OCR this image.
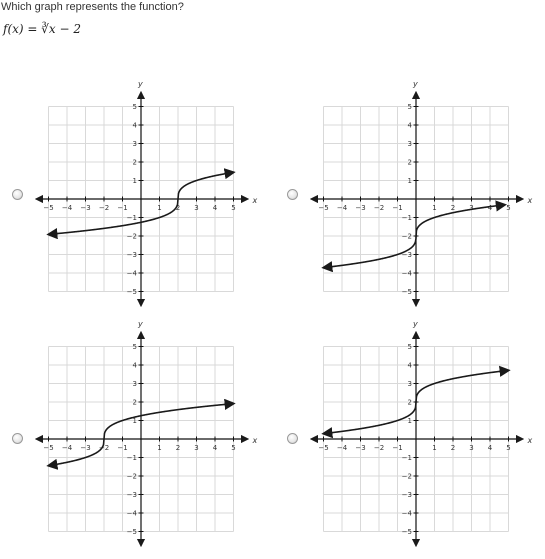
Which graph represents the function?
f(x) = ∛x − 2
x
y
−5
−5
−4
−4
−3
−3
−2
−2
−1
−1
1
1
2
2
3
3
4
4
5
5
x
y
−5
−5
−4
−4
−3
−3
−2
−2
−1
−1
1
1
2
2
3
3
4
4
5
5
x
y
−5
−5
−4
−4
−3
−3
−2
−2
−1
−1
1
1
2
2
3
3
4
4
5
5
x
y
−5
−5
−4
−4
−3
−3
−2
−2
−1
−1
1
1
2
2
3
3
4
4
5
5
